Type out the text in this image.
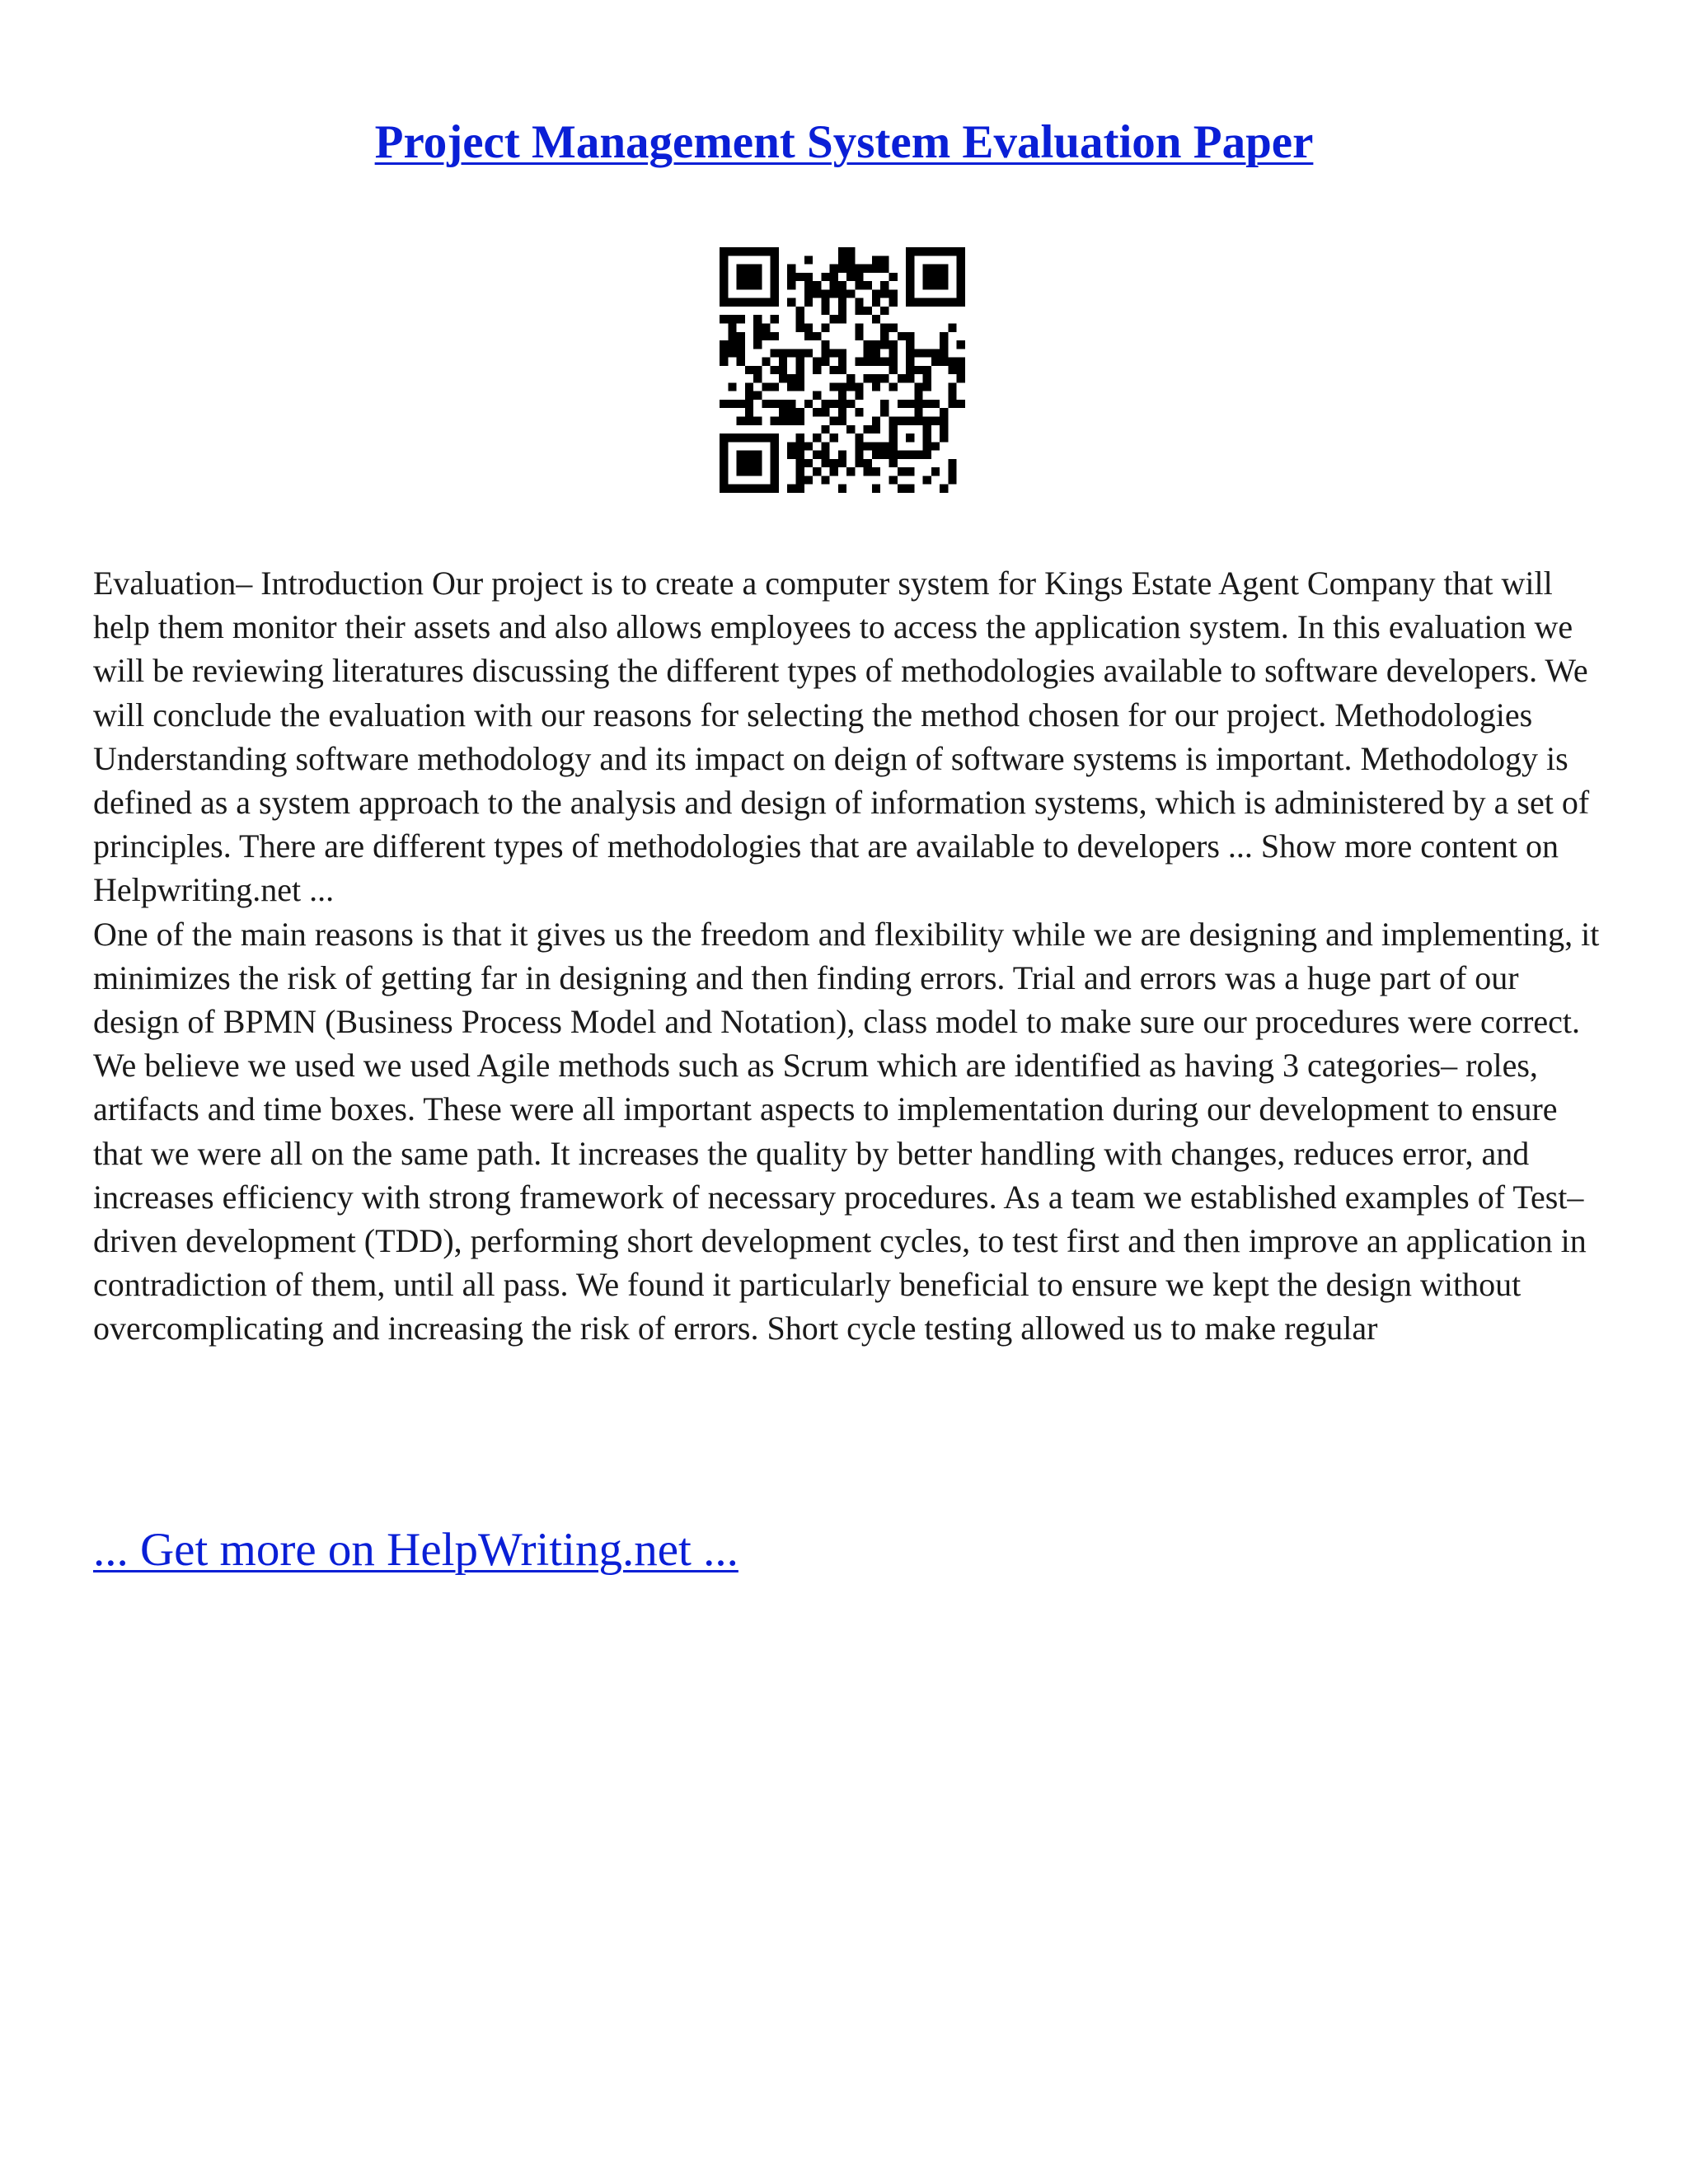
Project Management System Evaluation Paper

Evaluation– Introduction Our project is to create a computer system for Kings Estate Agent Company that will help them monitor their assets and also allows employees to access the application system. In this evaluation we will be reviewing literatures discussing the different types of methodologies available to software developers. We will conclude the evaluation with our reasons for selecting the method chosen for our project. Methodologies Understanding software methodology and its impact on deign of software systems is important. Methodology is defined as a system approach to the analysis and design of information systems, which is administered by a set of principles. There are different types of methodologies that are available to developers ... Show more content on Helpwriting.net ...

One of the main reasons is that it gives us the freedom and flexibility while we are designing and implementing, it minimizes the risk of getting far in designing and then finding errors. Trial and errors was a huge part of our design of BPMN (Business Process Model and Notation), class model to make sure our procedures were correct. We believe we used we used Agile methods such as Scrum which are identified as having 3 categories– roles, artifacts and time boxes. These were all important aspects to implementation during our development to ensure that we were all on the same path. It increases the quality by better handling with changes, reduces error, and increases efficiency with strong framework of necessary procedures. As a team we established examples of Test–driven development (TDD), performing short development cycles, to test first and then improve an application in contradiction of them, until all pass. We found it particularly beneficial to ensure we kept the design without overcomplicating and increasing the risk of errors. Short cycle testing allowed us to make regular

... Get more on HelpWriting.net ...
